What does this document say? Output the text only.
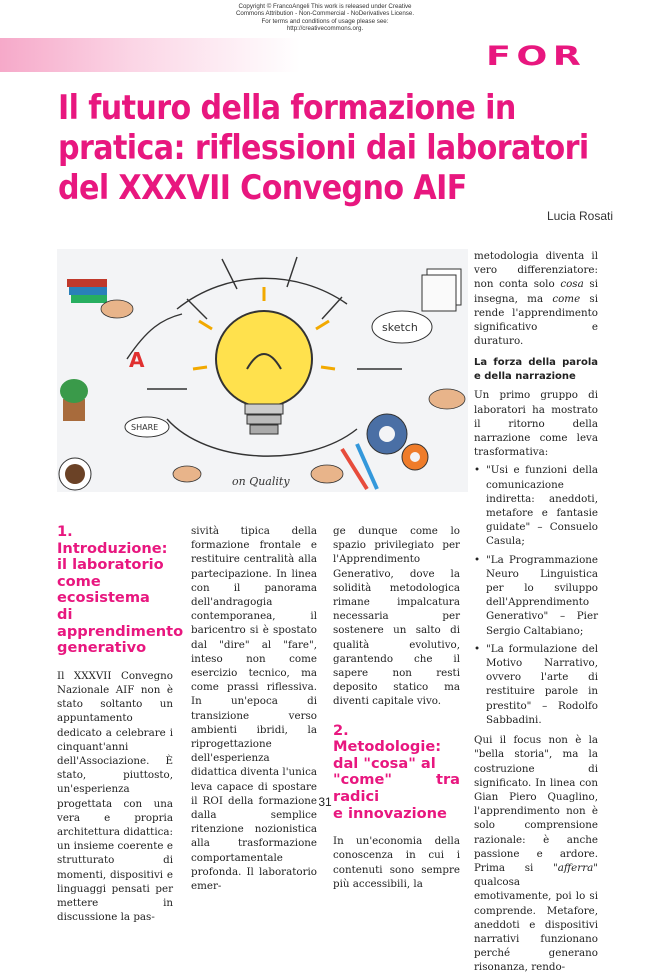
Copyright © FrancoAngeli This work is released under Creative
Commons Attribution - Non-Commercial - NoDerivatives License.
For terms and conditions of usage please see:
http://creativecommons.org.
FOR
Il futuro della formazione in
pratica: riflessioni dai laboratori
del XXXVII Convegno AIF
Lucia Rosati
sketch
SHARE
on Quality
A

1. Introduzione:

il laboratorio

come ecosistema

di apprendimento

generativo

Il XXXVII Convegno Nazionale AIF non è stato soltanto un appuntamento dedicato a celebrare i cinquant'anni dell'Associazione. È stato, piuttosto, un'esperienza progettata con una vera e propria architettura didattica: un insieme coerente e strutturato di momenti, dispositivi e linguaggi pensati per mettere in discussione la pas-

sività tipica della formazione frontale e restituire centralità alla partecipazione. In linea con il panorama dell'andragogia contemporanea, il baricentro si è spostato dal "dire" al "fare", inteso non come esercizio tecnico, ma come prassi riflessiva. In un'epoca di transizione verso ambienti ibridi, la riprogettazione dell'esperienza didattica diventa l'unica leva capace di spostare il ROI della formazione dalla semplice ritenzione nozionistica alla trasformazione comportamentale profonda. Il laboratorio emer-

ge dunque come lo spazio privilegiato per l'Apprendimento Generativo, dove la solidità metodologica rimane impalcatura necessaria per sostenere un salto di qualità evolutivo, garantendo che il sapere non resti deposito statico ma diventi capitale vivo.

2. Metodologie:

dal "cosa" al

"come" tra radici

e innovazione

In un'economia della conoscenza in cui i contenuti sono sempre più accessibili, la

metodologia diventa il vero differenziatore: non conta solo cosa si insegna, ma come si rende l'apprendimento significativo e duraturo.

La forza della parola e della narrazione

Un primo gruppo di laboratori ha mostrato il ritorno della narrazione come leva trasformativa:

• "Usi e funzioni della comunicazione indiretta: aneddoti, metafore e fantasie guidate" – Consuelo Casula;
• "La Programmazione Neuro Linguistica per lo sviluppo dell'Apprendimento Generativo" – Pier Sergio Caltabiano;
• "La formulazione del Motivo Narrativo, ovvero l'arte di restituire parole in prestito" – Rodolfo Sabbadini.

Qui il focus non è la "bella storia", ma la costruzione di significato. In linea con Gian Piero Quaglino, l'apprendimento non è solo comprensione razionale: è anche passione e ardore. Prima si "afferra" qualcosa emotivamente, poi lo si comprende. Metafore, aneddoti e dispositivi narrativi funzionano perché generano risonanza, rendo-

31
